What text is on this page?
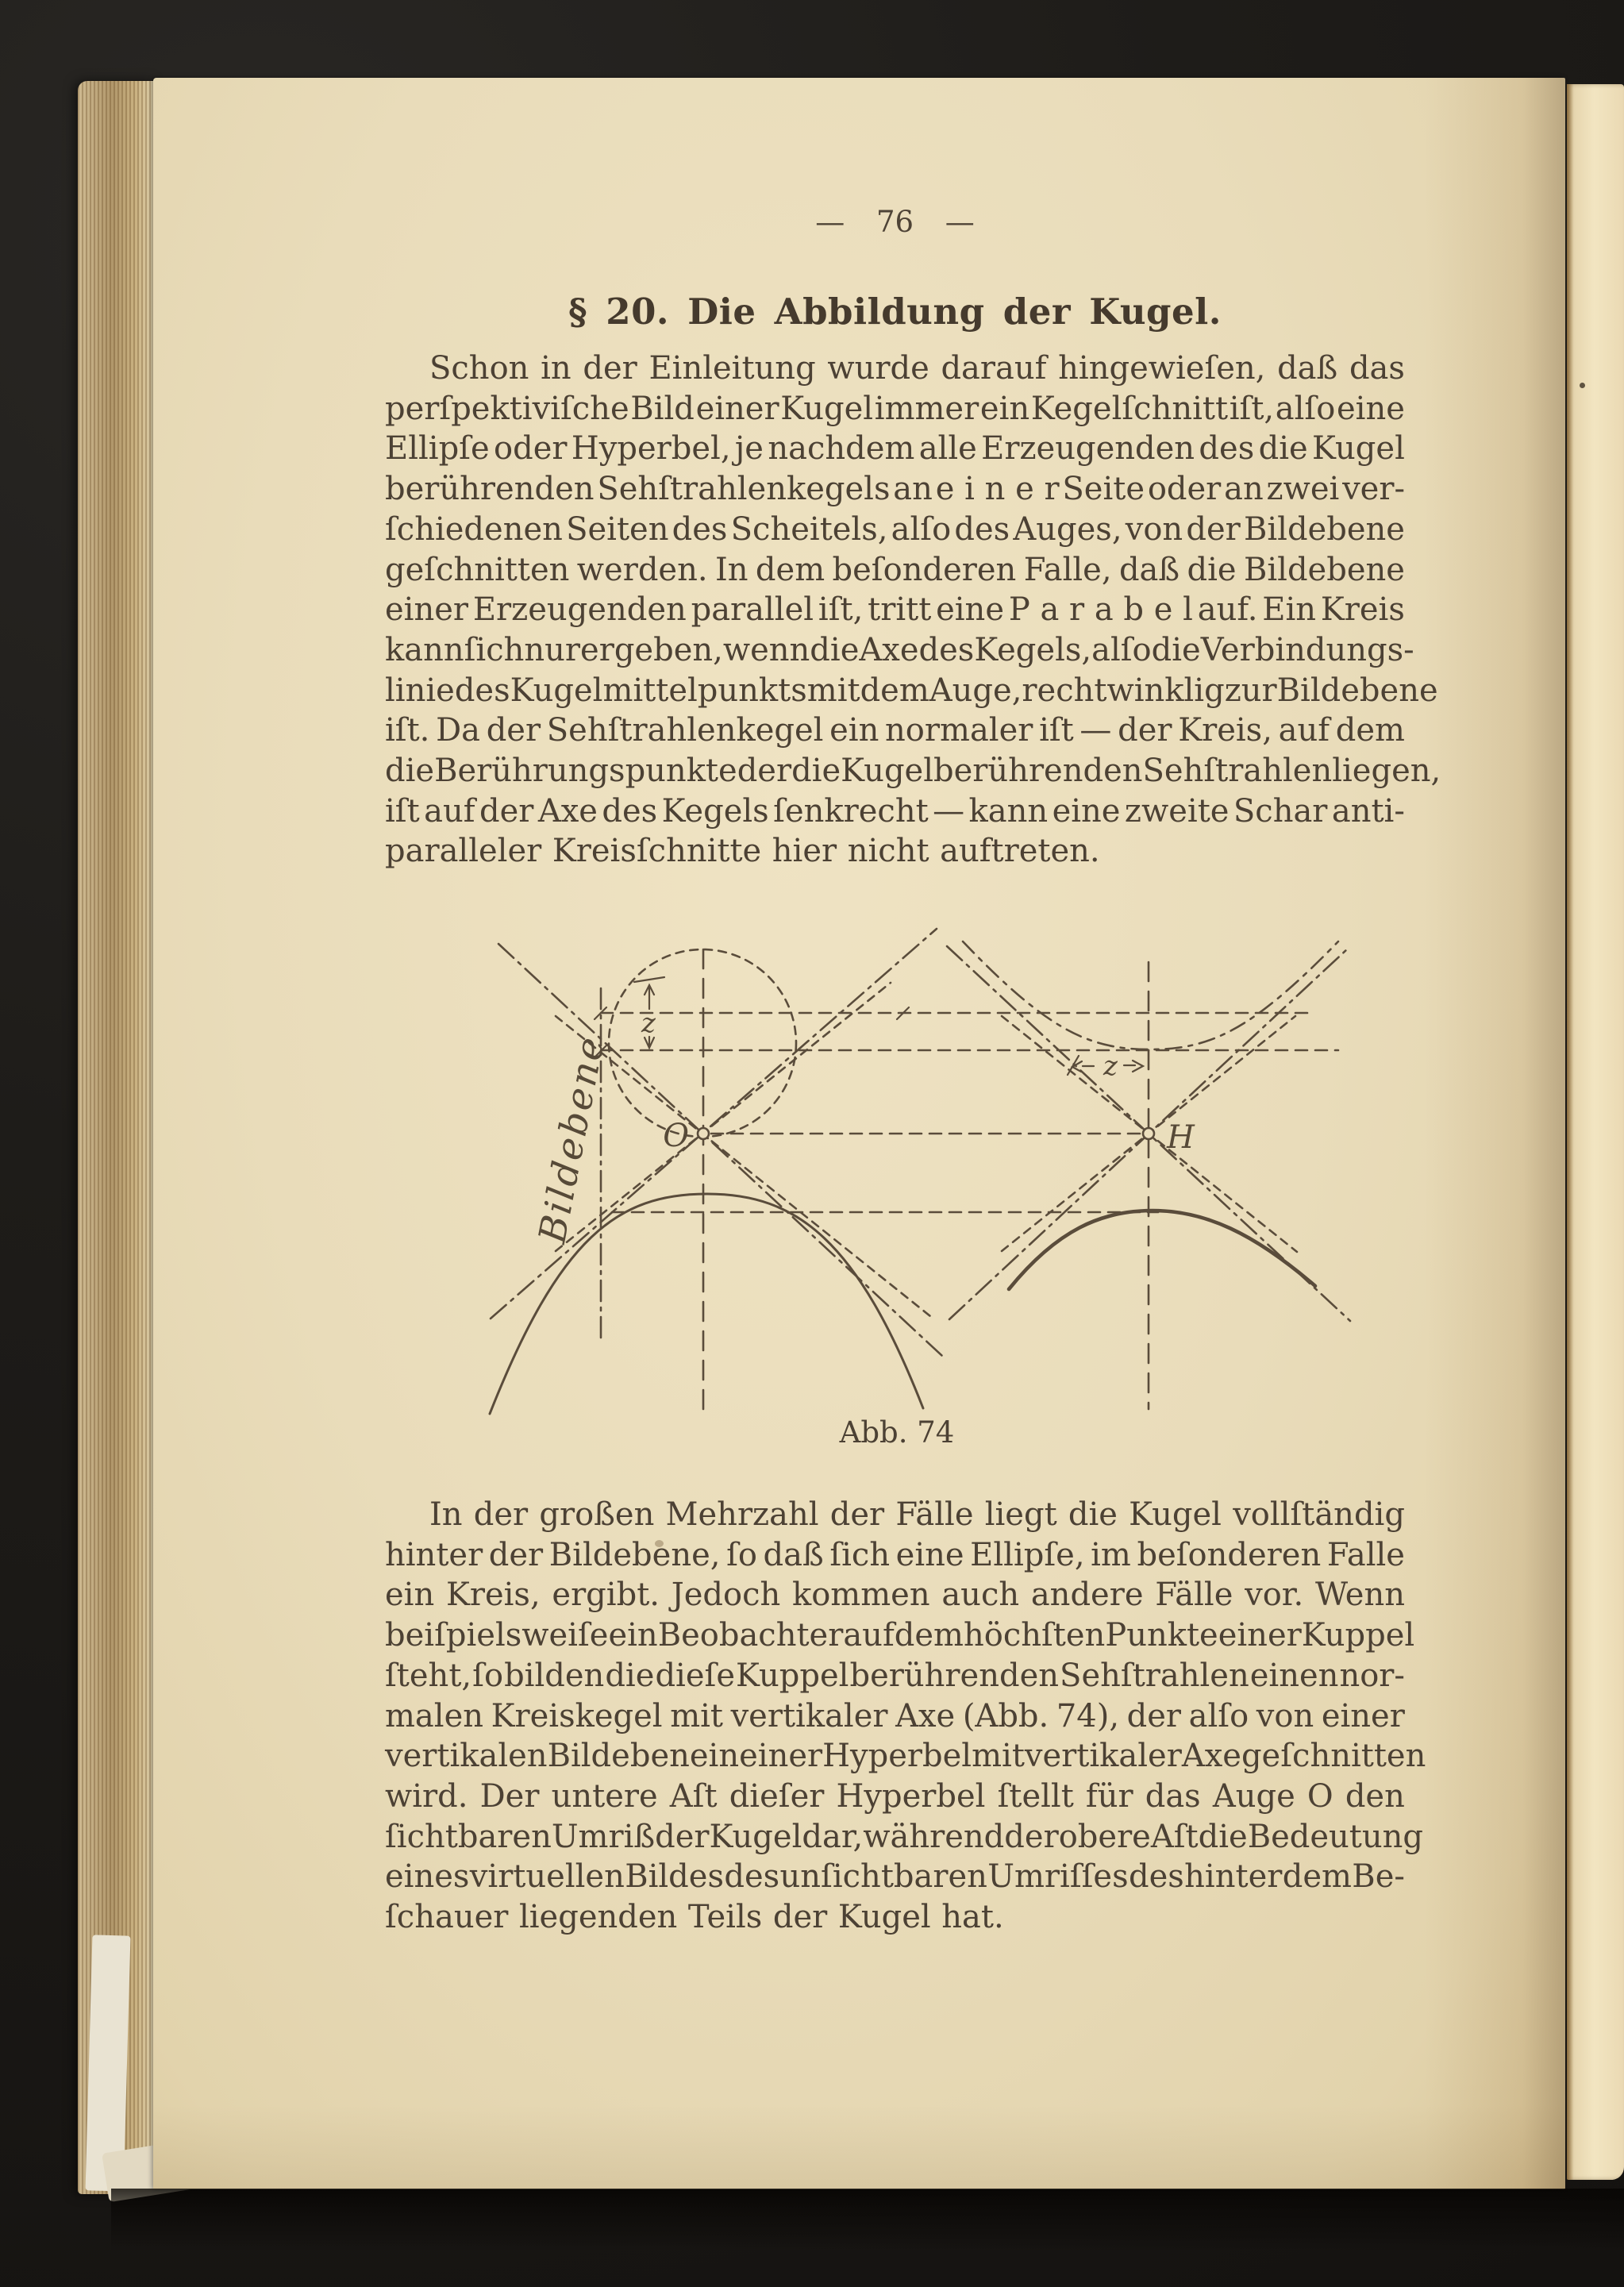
— 76 —
§ 20. Die Abbildung der Kugel.
Schon in der Einleitung wurde darauf hingewieſen, daß das
perſpektiviſche Bild einer Kugel immer ein Kegelſchnitt iſt, alſo eine
Ellipſe oder Hyperbel, je nachdem alle Erzeugenden des die Kugel
berührenden Sehſtrahlenkegels an e i n e r Seite oder an zwei ver-
ſchiedenen Seiten des Scheitels, alſo des Auges, von der Bildebene
geſchnitten werden. In dem beſonderen Falle, daß die Bildebene
einer Erzeugenden parallel iſt, tritt eine P a r a b e l auf. Ein Kreis
kann ſich nur ergeben, wenn die Axe des Kegels, alſo die Verbindungs-
linie des Kugelmittelpunkts mit dem Auge, rechtwinklig zur Bildebene
iſt. Da der Sehſtrahlenkegel ein normaler iſt — der Kreis, auf dem
die Berührungspunkte der die Kugel berührenden Sehſtrahlen liegen,
iſt auf der Axe des Kegels ſenkrecht — kann eine zweite Schar anti-
paralleler Kreisſchnitte hier nicht auftreten.
z
z
O	H
Bildebene
Abb. 74
In der großen Mehrzahl der Fälle liegt die Kugel vollſtändig
hinter der Bildebene, ſo daß ſich eine Ellipſe, im beſonderen Falle
ein Kreis, ergibt. Jedoch kommen auch andere Fälle vor. Wenn
beiſpielsweiſe ein Beobachter auf dem höchſten Punkte einer Kuppel
ſteht, ſo bilden die dieſe Kuppel berührenden Sehſtrahlen einen nor-
malen Kreiskegel mit vertikaler Axe (Abb. 74), der alſo von einer
vertikalen Bildebene in einer Hyperbel mit vertikaler Axe geſchnitten
wird. Der untere Aſt dieſer Hyperbel ſtellt für das Auge O den
ſichtbaren Umriß der Kugel dar, während der obere Aſt die Bedeutung
eines virtuellen Bildes des unſichtbaren Umriſſes des hinter dem Be-
ſchauer liegenden Teils der Kugel hat.
